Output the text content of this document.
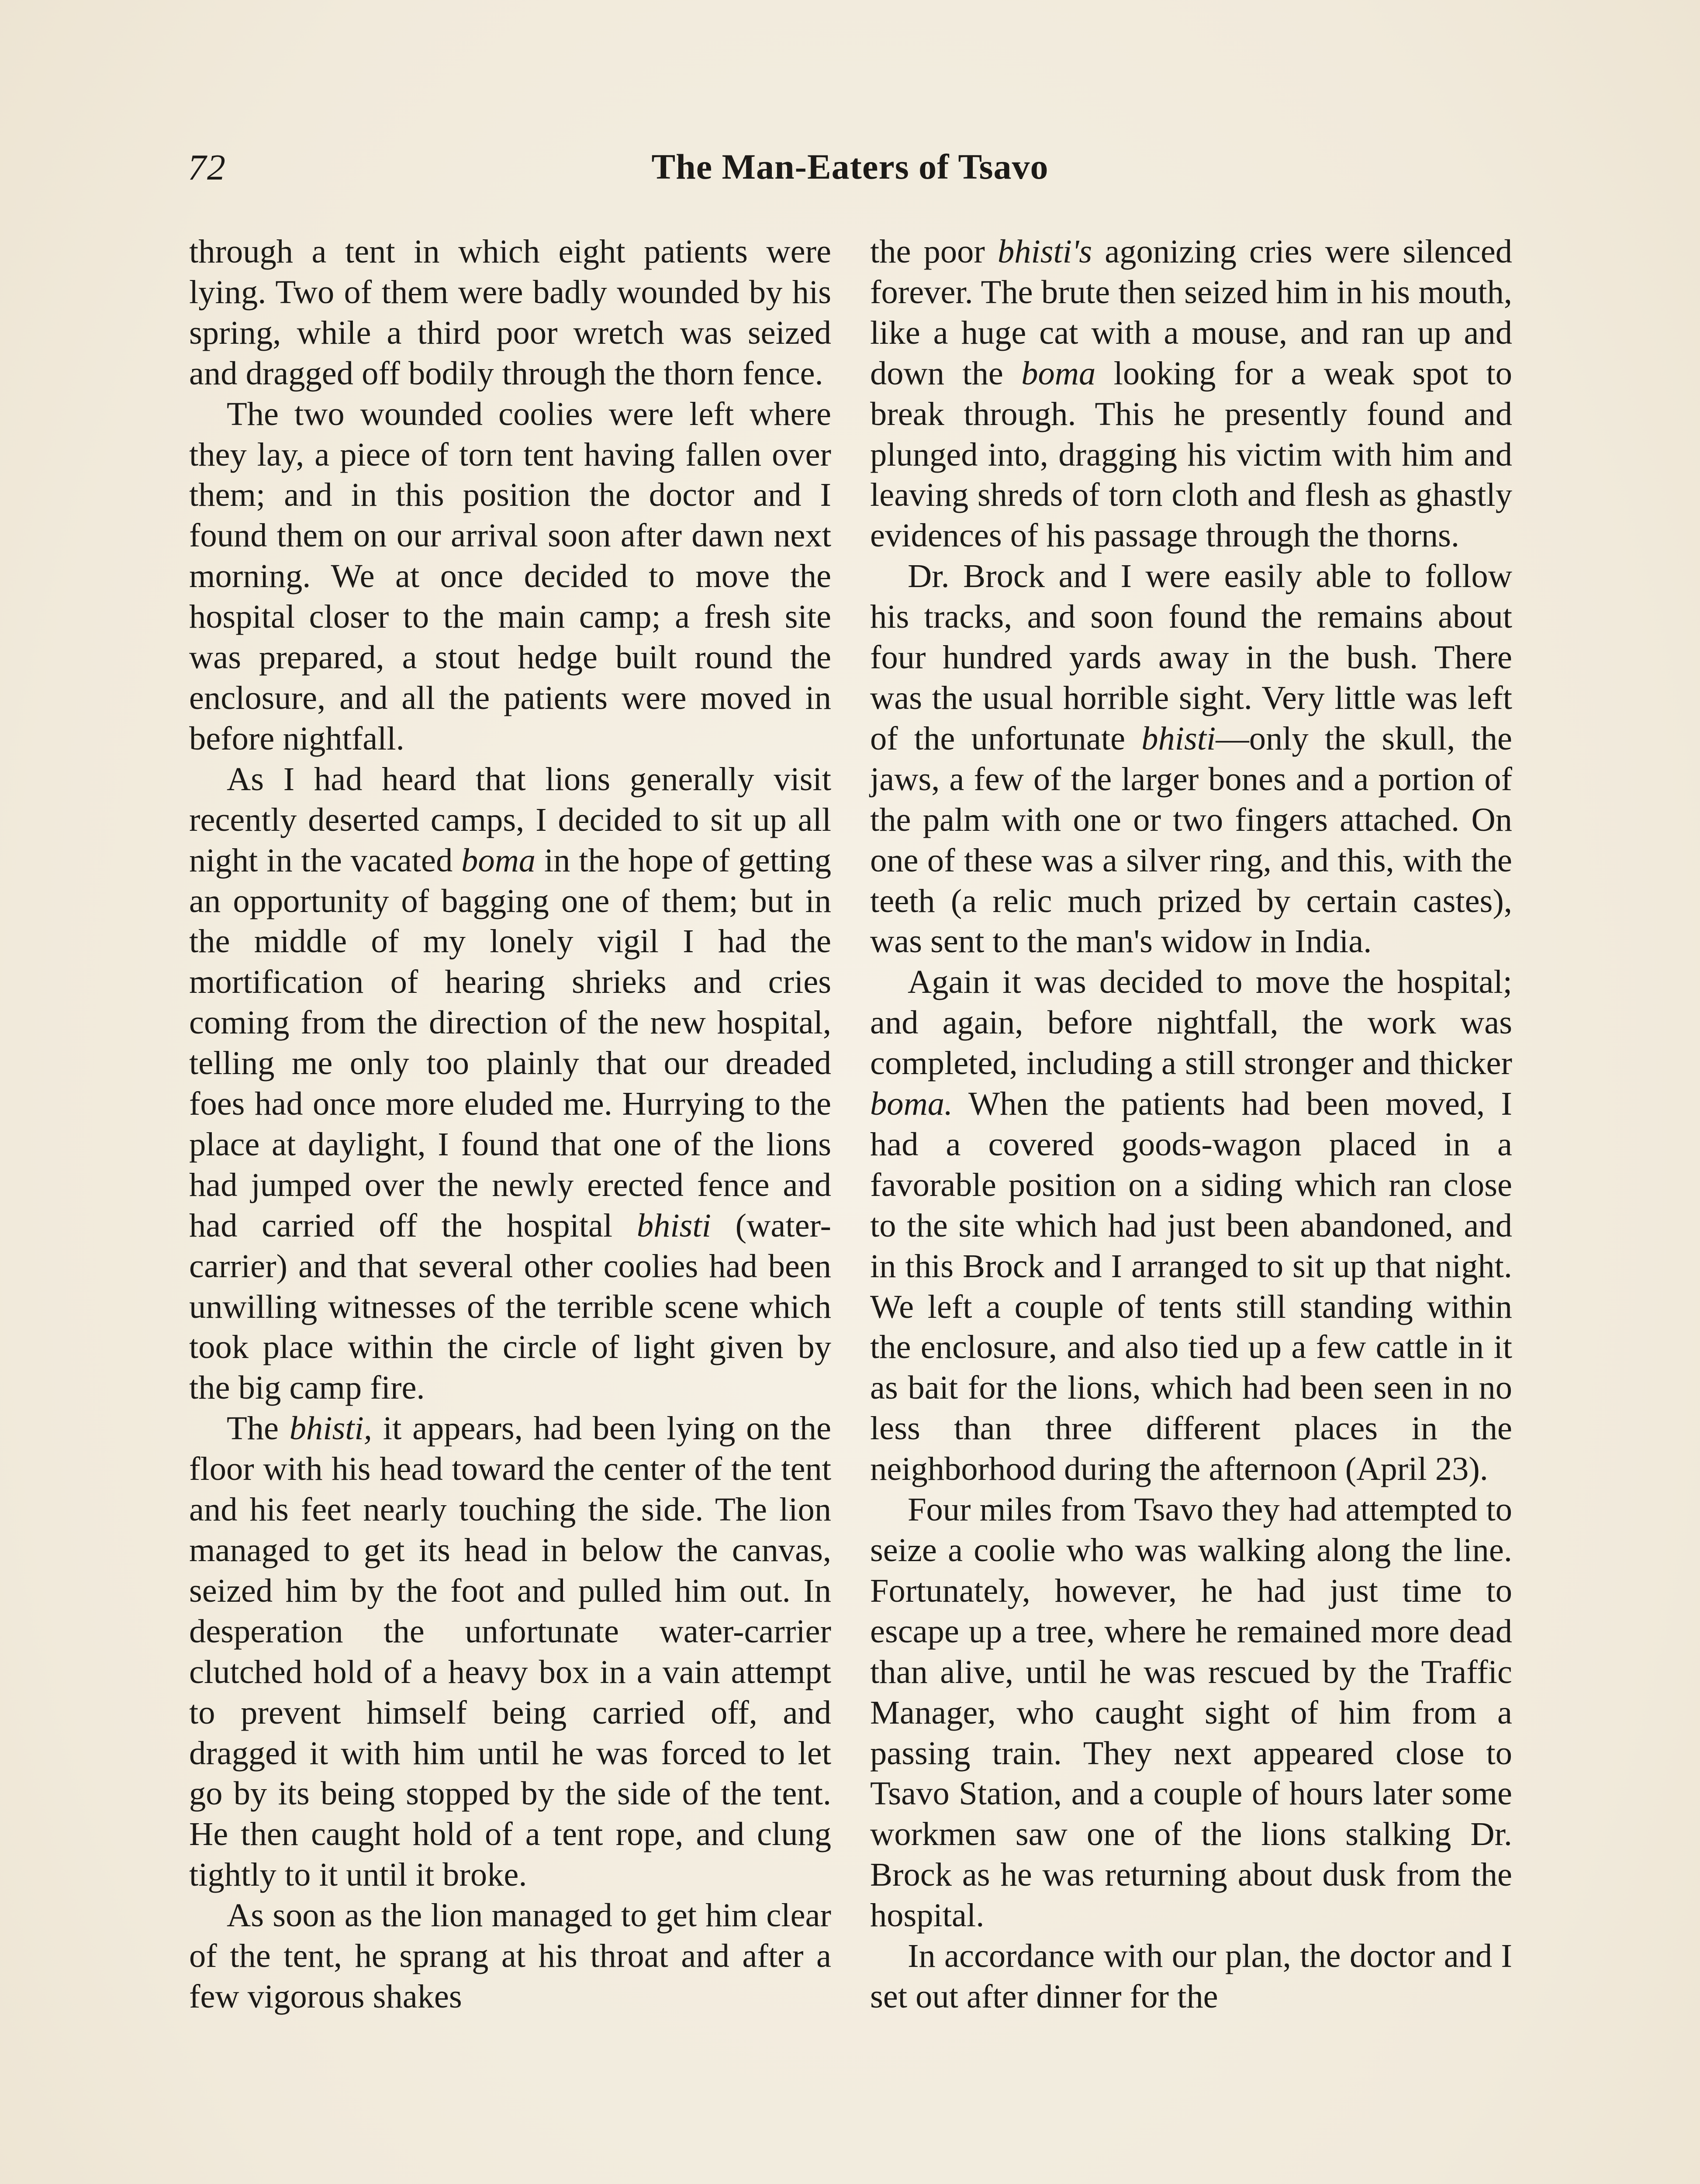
72	The Man-Eaters of Tsavo

through a tent in which eight patients were lying. Two of them were badly wounded by his spring, while a third poor wretch was seized and dragged off bodily through the thorn fence.

The two wounded coolies were left where they lay, a piece of torn tent having fallen over them; and in this position the doctor and I found them on our arrival soon after dawn next morning. We at once decided to move the hospital closer to the main camp; a fresh site was prepared, a stout hedge built round the enclosure, and all the patients were moved in before nightfall.

As I had heard that lions generally visit recently deserted camps, I decided to sit up all night in the vacated boma in the hope of getting an opportunity of bagging one of them; but in the middle of my lonely vigil I had the mortification of hearing shrieks and cries coming from the direction of the new hospital, telling me only too plainly that our dreaded foes had once more eluded me. Hurrying to the place at daylight, I found that one of the lions had jumped over the newly erected fence and had carried off the hospital bhisti (water-carrier) and that several other coolies had been unwilling witnesses of the terrible scene which took place within the circle of light given by the big camp fire.

The bhisti, it appears, had been lying on the floor with his head toward the center of the tent and his feet nearly touching the side. The lion managed to get its head in below the canvas, seized him by the foot and pulled him out. In desperation the unfortunate water-carrier clutched hold of a heavy box in a vain attempt to prevent himself being carried off, and dragged it with him until he was forced to let go by its being stopped by the side of the tent. He then caught hold of a tent rope, and clung tightly to it until it broke.

As soon as the lion managed to get him clear of the tent, he sprang at his throat and after a few vigorous shakes

the poor bhisti's agonizing cries were silenced forever. The brute then seized him in his mouth, like a huge cat with a mouse, and ran up and down the boma looking for a weak spot to break through. This he presently found and plunged into, dragging his victim with him and leaving shreds of torn cloth and flesh as ghastly evidences of his passage through the thorns.

Dr. Brock and I were easily able to follow his tracks, and soon found the remains about four hundred yards away in the bush. There was the usual horrible sight. Very little was left of the unfortunate bhisti—only the skull, the jaws, a few of the larger bones and a portion of the palm with one or two fingers attached. On one of these was a silver ring, and this, with the teeth (a relic much prized by certain castes), was sent to the man's widow in India.

Again it was decided to move the hospital; and again, before nightfall, the work was completed, including a still stronger and thicker boma. When the patients had been moved, I had a covered goods-wagon placed in a favorable position on a siding which ran close to the site which had just been abandoned, and in this Brock and I arranged to sit up that night. We left a couple of tents still standing within the enclosure, and also tied up a few cattle in it as bait for the lions, which had been seen in no less than three different places in the neighborhood during the afternoon (April 23).

Four miles from Tsavo they had attempted to seize a coolie who was walking along the line. Fortunately, however, he had just time to escape up a tree, where he remained more dead than alive, until he was rescued by the Traffic Manager, who caught sight of him from a passing train. They next appeared close to Tsavo Station, and a couple of hours later some workmen saw one of the lions stalking Dr. Brock as he was returning about dusk from the hospital.

In accordance with our plan, the doctor and I set out after dinner for the
